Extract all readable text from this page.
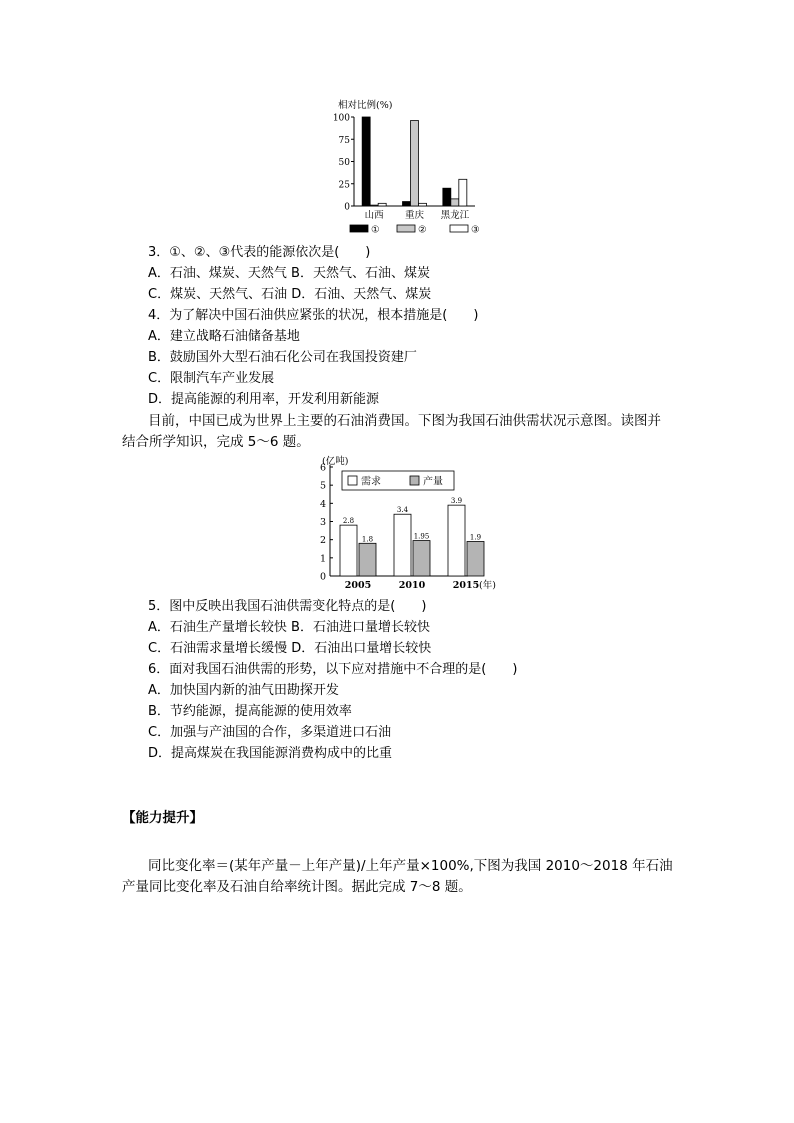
相对比例(%)
0
25
50
75
100
山西 重庆 黑龙江
①	②	③
(亿吨)
0
1
2
3
4
5
6
2005	2010	2015 (年)
2.8
1.8
3.4
1.95
3.9
1.9
需求	产量
3．①、②、③代表的能源依次是(　　)
A．石油、煤炭、天然气 B．天然气、石油、煤炭
C．煤炭、天然气、石油 D．石油、天然气、煤炭
4．为了解决中国石油供应紧张的状况，根本措施是(　　)
A．建立战略石油储备基地
B．鼓励国外大型石油石化公司在我国投资建厂
C．限制汽车产业发展
D．提高能源的利用率，开发利用新能源
目前，中国已成为世界上主要的石油消费国。下图为我国石油供需状况示意图。读图并
结合所学知识，完成 5～6 题。
5．图中反映出我国石油供需变化特点的是(　　)
A．石油生产量增长较快 B．石油进口量增长较快
C．石油需求量增长缓慢 D．石油出口量增长较快
6．面对我国石油供需的形势，以下应对措施中不合理的是(　　)
A．加快国内新的油气田勘探开发
B．节约能源，提高能源的使用效率
C．加强与产油国的合作，多渠道进口石油
D．提高煤炭在我国能源消费构成中的比重
【能力提升】
同比变化率＝(某年产量－上年产量)/上年产量×100%,下图为我国 2010～2018 年石油
产量同比变化率及石油自给率统计图。据此完成 7～8 题。
